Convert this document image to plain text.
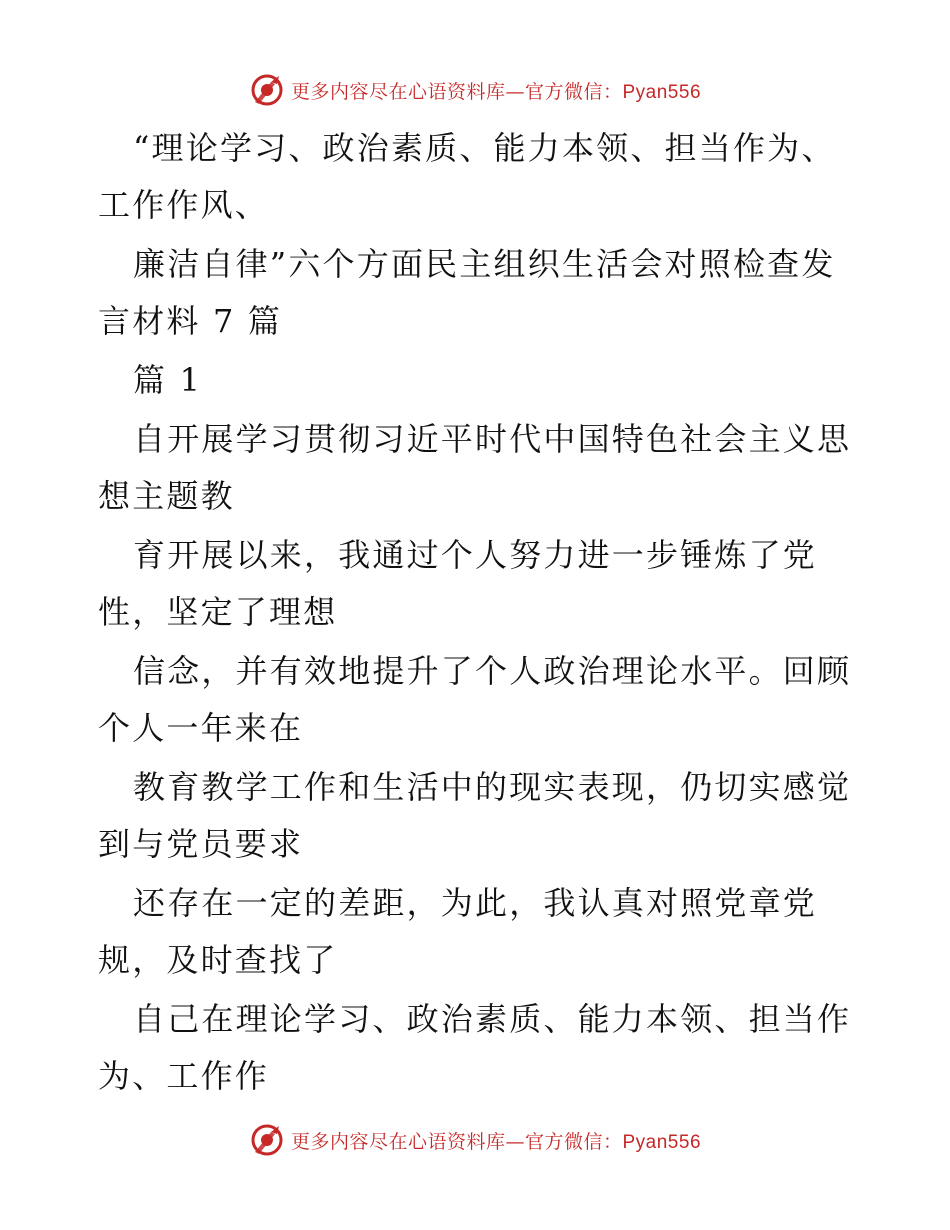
更多内容尽在心语资料库—官方微信：Pyan556
“理论学习、政治素质、能力本领、担当作为、
工作作风、
廉洁自律”六个方面民主组织生活会对照检查发
言材料 7 篇
篇 1
自开展学习贯彻习近平时代中国特色社会主义思
想主题教
育开展以来，我通过个人努力进一步锤炼了党
性，坚定了理想
信念，并有效地提升了个人政治理论水平。回顾
个人一年来在
教育教学工作和生活中的现实表现，仍切实感觉
到与党员要求
还存在一定的差距，为此，我认真对照党章党
规，及时查找了
自己在理论学习、政治素质、能力本领、担当作
为、工作作
更多内容尽在心语资料库—官方微信：Pyan556
